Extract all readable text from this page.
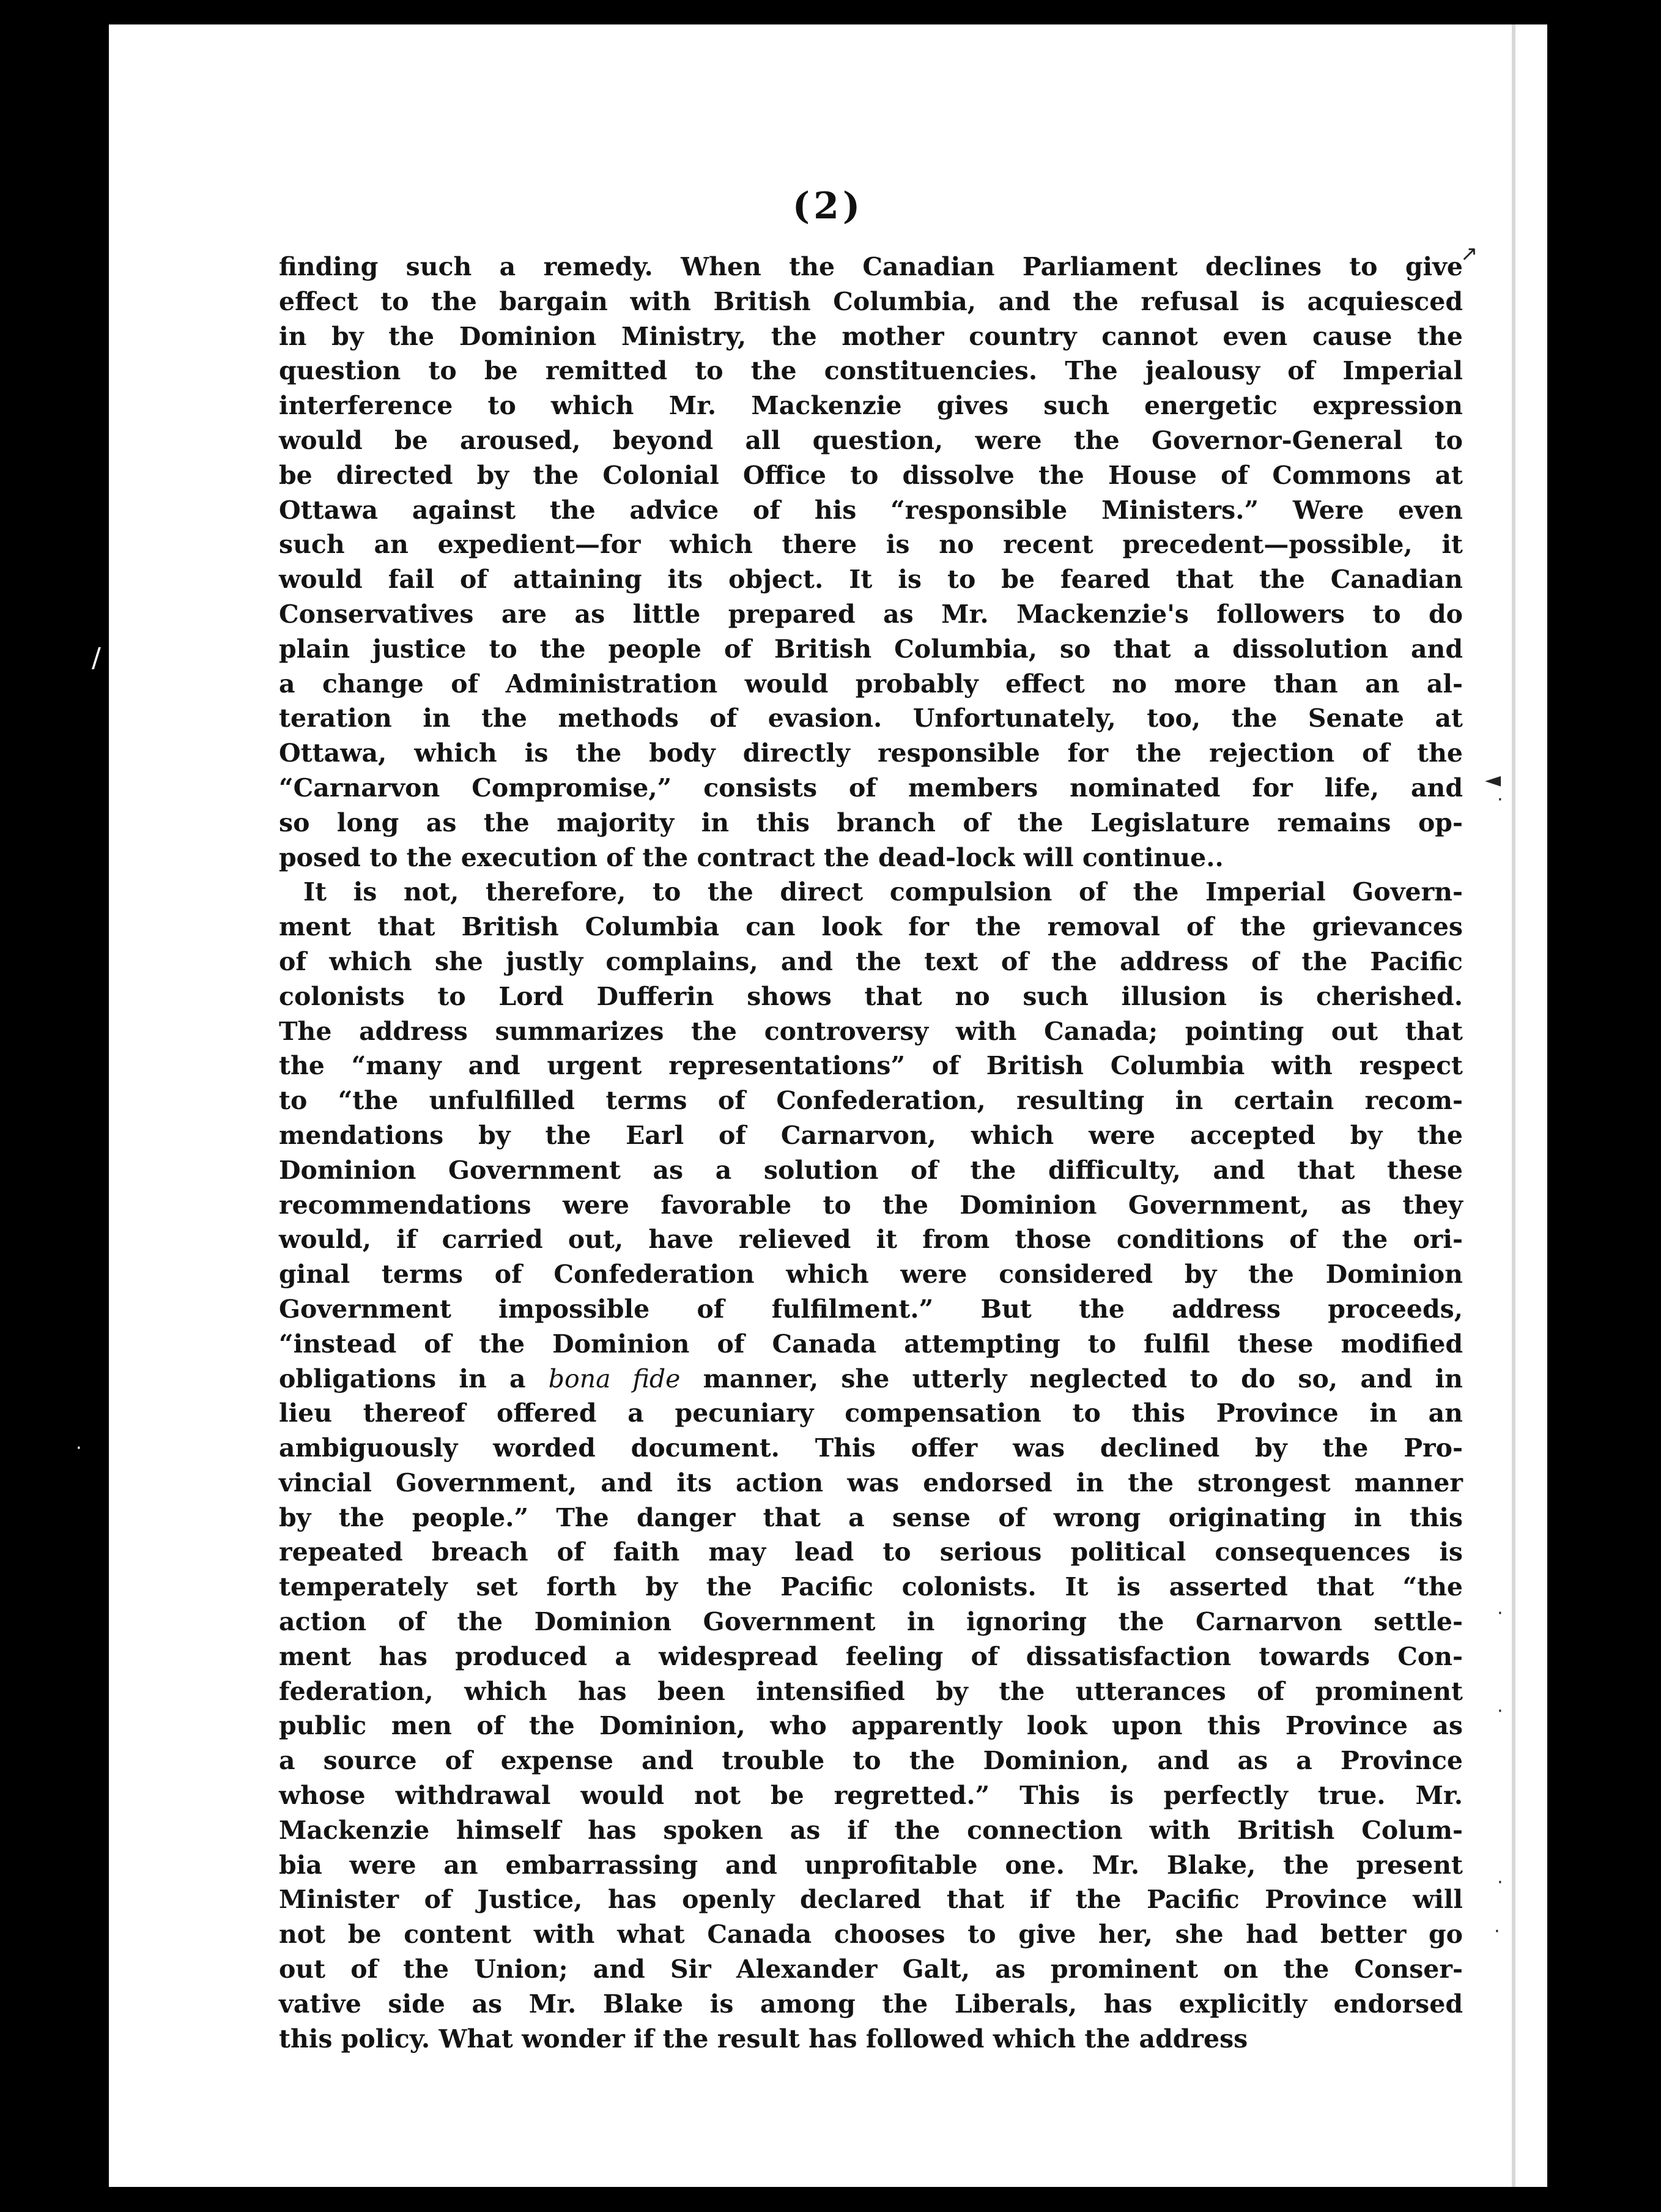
(2)
finding such a remedy. When the Canadian Parliament declines to give
effect to the bargain with British Columbia, and the refusal is acquiesced
in by the Dominion Ministry, the mother country cannot even cause the
question to be remitted to the constituencies. The jealousy of Imperial
interference to which Mr. Mackenzie gives such energetic expression
would be aroused, beyond all question, were the Governor-General to
be directed by the Colonial Office to dissolve the House of Commons at
Ottawa against the advice of his “responsible Ministers.” Were even
such an expedient—for which there is no recent precedent—possible, it
would fail of attaining its object. It is to be feared that the Canadian
Conservatives are as little prepared as Mr. Mackenzie's followers to do
plain justice to the people of British Columbia, so that a dissolution and
a change of Administration would probably effect no more than an al-
teration in the methods of evasion. Unfortunately, too, the Senate at
Ottawa, which is the body directly responsible for the rejection of the
“Carnarvon Compromise,” consists of members nominated for life, and
so long as the majority in this branch of the Legislature remains op-
posed to the execution of the contract the dead-lock will continue..
It is not, therefore, to the direct compulsion of the Imperial Govern-
ment that British Columbia can look for the removal of the grievances
of which she justly complains, and the text of the address of the Pacific
colonists to Lord Dufferin shows that no such illusion is cherished.
The address summarizes the controversy with Canada; pointing out that
the “many and urgent representations” of British Columbia with respect
to “the unfulfilled terms of Confederation, resulting in certain recom-
mendations by the Earl of Carnarvon, which were accepted by the
Dominion Government as a solution of the difficulty, and that these
recommendations were favorable to the Dominion Government, as they
would, if carried out, have relieved it from those conditions of the ori-
ginal terms of Confederation which were considered by the Dominion
Government impossible of fulfilment.” But the address proceeds,
“instead of the Dominion of Canada attempting to fulfil these modified
obligations in a bona fide manner, she utterly neglected to do so, and in
lieu thereof offered a pecuniary compensation to this Province in an
ambiguously worded document. This offer was declined by the Pro-
vincial Government, and its action was endorsed in the strongest manner
by the people.” The danger that a sense of wrong originating in this
repeated breach of faith may lead to serious political consequences is
temperately set forth by the Pacific colonists. It is asserted that “the
action of the Dominion Government in ignoring the Carnarvon settle-
ment has produced a widespread feeling of dissatisfaction towards Con-
federation, which has been intensified by the utterances of prominent
public men of the Dominion, who apparently look upon this Province as
a source of expense and trouble to the Dominion, and as a Province
whose withdrawal would not be regretted.” This is perfectly true. Mr.
Mackenzie himself has spoken as if the connection with British Colum-
bia were an embarrassing and unprofitable one. Mr. Blake, the present
Minister of Justice, has openly declared that if the Pacific Province will
not be content with what Canada chooses to give her, she had better go
out of the Union; and Sir Alexander Galt, as prominent on the Conser-
vative side as Mr. Blake is among the Liberals, has explicitly endorsed
this policy. What wonder if the result has followed which the address
↗
◄
⋅
⋅
⋅
⋅
⋅
/
⋅
